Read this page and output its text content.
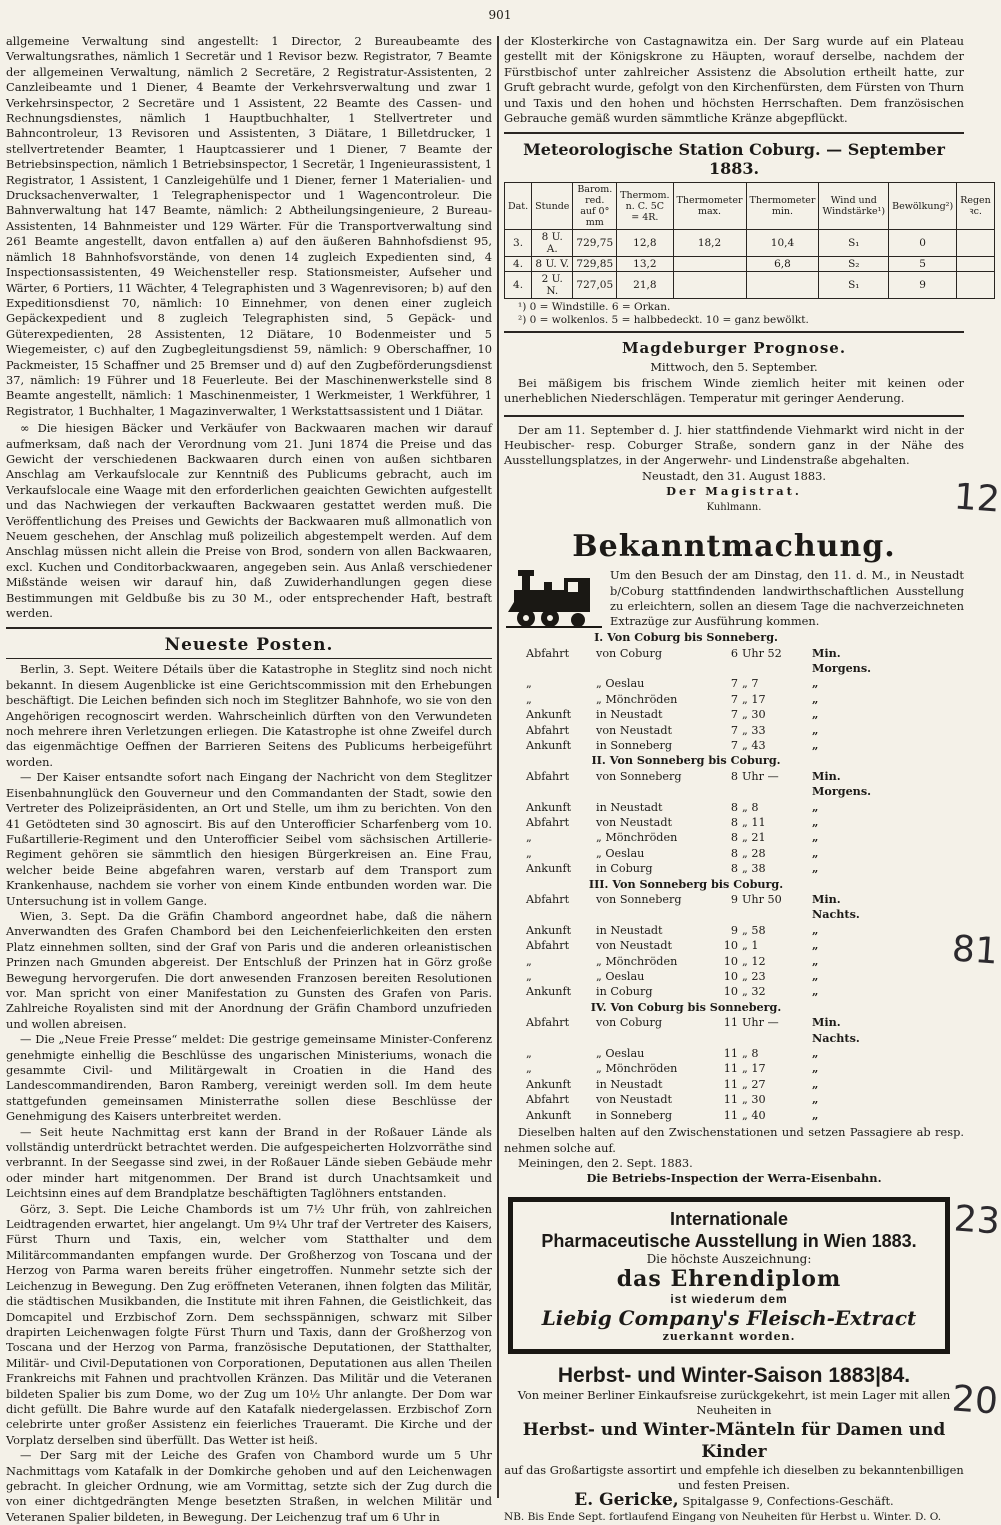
901

allgemeine Verwaltung sind angestellt: 1 Director, 2 Bureaubeamte des Verwaltungsrathes, nämlich 1 Secretär und 1 Revisor bezw. Registrator, 7 Beamte der allgemeinen Verwaltung, nämlich 2 Secretäre, 2 Registratur-Assistenten, 2 Canzleibeamte und 1 Diener, 4 Beamte der Verkehrsverwaltung und zwar 1 Verkehrsinspector, 2 Secretäre und 1 Assistent, 22 Beamte des Cassen- und Rechnungsdienstes, nämlich 1 Hauptbuchhalter, 1 Stellvertreter und Bahncontroleur, 13 Revisoren und Assistenten, 3 Diätare, 1 Billetdrucker, 1 stellvertretender Beamter, 1 Hauptcassierer und 1 Diener, 7 Beamte der Betriebsinspection, nämlich 1 Betriebsinspector, 1 Secretär, 1 Ingenieurassistent, 1 Registrator, 1 Assistent, 1 Canzleigehülfe und 1 Diener, ferner 1 Materialien- und Drucksachenverwalter, 1 Telegraphenispector und 1 Wagencontroleur. Die Bahnverwaltung hat 147 Beamte, nämlich: 2 Abtheilungsingenieure, 2 Bureau-Assistenten, 14 Bahnmeister und 129 Wärter. Für die Transportverwaltung sind 261 Beamte angestellt, davon entfallen a) auf den äußeren Bahnhofsdienst 95, nämlich 18 Bahnhofsvorstände, von denen 14 zugleich Expedienten sind, 4 Inspectionsassistenten, 49 Weichensteller resp. Stationsmeister, Aufseher und Wärter, 6 Portiers, 11 Wächter, 4 Telegraphisten und 3 Wagenrevisoren; b) auf den Expeditionsdienst 70, nämlich: 10 Einnehmer, von denen einer zugleich Gepäckexpedient und 8 zugleich Telegraphisten sind, 5 Gepäck- und Güterexpedienten, 28 Assistenten, 12 Diätare, 10 Bodenmeister und 5 Wiegemeister, c) auf den Zugbegleitungsdienst 59, nämlich: 9 Oberschaffner, 10 Packmeister, 15 Schaffner und 25 Bremser und d) auf den Zugbeförderungsdienst 37, nämlich: 19 Führer und 18 Feuerleute. Bei der Maschinenwerkstelle sind 8 Beamte angestellt, nämlich: 1 Maschinenmeister, 1 Werkmeister, 1 Werkführer, 1 Registrator, 1 Buchhalter, 1 Magazinverwalter, 1 Werkstattsassistent und 1 Diätar.

∞ Die hiesigen Bäcker und Verkäufer von Backwaaren machen wir darauf aufmerksam, daß nach der Verordnung vom 21. Juni 1874 die Preise und das Gewicht der verschiedenen Backwaaren durch einen von außen sichtbaren Anschlag am Verkaufslocale zur Kenntniß des Publicums gebracht, auch im Verkaufslocale eine Waage mit den erforderlichen geaichten Gewichten aufgestellt und das Nachwiegen der verkauften Backwaaren gestattet werden muß. Die Veröffentlichung des Preises und Gewichts der Backwaaren muß allmonatlich von Neuem geschehen, der Anschlag muß polizeilich abgestempelt werden. Auf dem Anschlag müssen nicht allein die Preise von Brod, sondern von allen Backwaaren, excl. Kuchen und Conditorbackwaaren, angegeben sein. Aus Anlaß verschiedener Mißstände weisen wir darauf hin, daß Zuwiderhandlungen gegen diese Bestimmungen mit Geldbuße bis zu 30 M., oder entsprechender Haft, bestraft werden.

Neueste Posten.

Berlin, 3. Sept. Weitere Détails über die Katastrophe in Steglitz sind noch nicht bekannt. In diesem Augenblicke ist eine Gerichtscommission mit den Erhebungen beschäftigt. Die Leichen befinden sich noch im Steglitzer Bahnhofe, wo sie von den Angehörigen recognoscirt werden. Wahrscheinlich dürften von den Verwundeten noch mehrere ihren Verletzungen erliegen. Die Katastrophe ist ohne Zweifel durch das eigenmächtige Oeffnen der Barrieren Seitens des Publicums herbeigeführt worden.

— Der Kaiser entsandte sofort nach Eingang der Nachricht von dem Steglitzer Eisenbahnunglück den Gouverneur und den Commandanten der Stadt, sowie den Vertreter des Polizeipräsidenten, an Ort und Stelle, um ihm zu berichten. Von den 41 Getödteten sind 30 agnoscirt. Bis auf den Unterofficier Scharfenberg vom 10. Fußartillerie-Regiment und den Unterofficier Seibel vom sächsischen Artillerie-Regiment gehören sie sämmtlich den hiesigen Bürgerkreisen an. Eine Frau, welcher beide Beine abgefahren waren, verstarb auf dem Transport zum Krankenhause, nachdem sie vorher von einem Kinde entbunden worden war. Die Untersuchung ist in vollem Gange.

Wien, 3. Sept. Da die Gräfin Chambord angeordnet habe, daß die nähern Anverwandten des Grafen Chambord bei den Leichenfeierlichkeiten den ersten Platz einnehmen sollten, sind der Graf von Paris und die anderen orleanistischen Prinzen nach Gmunden abgereist. Der Entschluß der Prinzen hat in Görz große Bewegung hervorgerufen. Die dort anwesenden Franzosen bereiten Resolutionen vor. Man spricht von einer Manifestation zu Gunsten des Grafen von Paris. Zahlreiche Royalisten sind mit der Anordnung der Gräfin Chambord unzufrieden und wollen abreisen.

— Die „Neue Freie Presse“ meldet: Die gestrige gemeinsame Minister-Conferenz genehmigte einhellig die Beschlüsse des ungarischen Ministeriums, wonach die gesammte Civil- und Militärgewalt in Croatien in die Hand des Landescommandirenden, Baron Ramberg, vereinigt werden soll. Im dem heute stattgefunden gemeinsamen Ministerrathe sollen diese Beschlüsse der Genehmigung des Kaisers unterbreitet werden.

— Seit heute Nachmittag erst kann der Brand in der Roßauer Lände als vollständig unterdrückt betrachtet werden. Die aufgespeicherten Holzvorräthe sind verbrannt. In der Seegasse sind zwei, in der Roßauer Lände sieben Gebäude mehr oder minder hart mitgenommen. Der Brand ist durch Unachtsamkeit und Leichtsinn eines auf dem Brandplatze beschäftigten Taglöhners entstanden.

Görz, 3. Sept. Die Leiche Chambords ist um 7½ Uhr früh, von zahlreichen Leidtragenden erwartet, hier angelangt. Um 9¼ Uhr traf der Vertreter des Kaisers, Fürst Thurn und Taxis, ein, welcher vom Statthalter und dem Militärcommandanten empfangen wurde. Der Großherzog von Toscana und der Herzog von Parma waren bereits früher eingetroffen. Nunmehr setzte sich der Leichenzug in Bewegung. Den Zug eröffneten Veteranen, ihnen folgten das Militär, die städtischen Musikbanden, die Institute mit ihren Fahnen, die Geistlichkeit, das Domcapitel und Erzbischof Zorn. Dem sechsspännigen, schwarz mit Silber drapirten Leichenwagen folgte Fürst Thurn und Taxis, dann der Großherzog von Toscana und der Herzog von Parma, französische Deputationen, der Statthalter, Militär- und Civil-Deputationen von Corporationen, Deputationen aus allen Theilen Frankreichs mit Fahnen und prachtvollen Kränzen. Das Militär und die Veteranen bildeten Spalier bis zum Dome, wo der Zug um 10½ Uhr anlangte. Der Dom war dicht gefüllt. Die Bahre wurde auf den Katafalk niedergelassen. Erzbischof Zorn celebrirte unter großer Assistenz ein feierliches Traueramt. Die Kirche und der Vorplatz derselben sind überfüllt. Das Wetter ist heiß.

— Der Sarg mit der Leiche des Grafen von Chambord wurde um 5 Uhr Nachmittags vom Katafalk in der Domkirche gehoben und auf den Leichenwagen gebracht. In gleicher Ordnung, wie am Vormittag, setzte sich der Zug durch die von einer dichtgedrängten Menge besetzten Straßen, in welchen Militär und Veteranen Spalier bildeten, in Bewegung. Der Leichenzug traf um 6 Uhr in

der Klosterkirche von Castagnawitza ein. Der Sarg wurde auf ein Plateau gestellt mit der Königskrone zu Häupten, worauf derselbe, nachdem der Fürstbischof unter zahlreicher Assistenz die Absolution ertheilt hatte, zur Gruft gebracht wurde, gefolgt von den Kirchenfürsten, dem Fürsten von Thurn und Taxis und den hohen und höchsten Herrschaften. Dem französischen Gebrauche gemäß wurden sämmtliche Kränze abgepflückt.

Meteorologische Station Coburg. — September 1883.
Dat.	Stunde	Barom. red. auf 0° mm	Thermom. n. C. 5C = 4R.	Thermometer max.	Thermometer min.	Wind und Windstärke¹)	Bewölkung²)	Regen ꝛc.
3.	8 U. A.	729,75	12,8	18,2	10,4	S₁	0	
4.	8 U. V.	729,85	13,2		6,8	S₂	5	
4.	2 U. N.	727,05	21,8			S₁	9	
¹) 0 = Windstille. 6 = Orkan.
²) 0 = wolkenlos. 5 = halbbedeckt. 10 = ganz bewölkt.
Magdeburger Prognose.
Mittwoch, den 5. September.

Bei mäßigem bis frischem Winde ziemlich heiter mit keinen oder unerheblichen Niederschlägen. Temperatur mit geringer Aenderung.

Der am 11. September d. J. hier stattfindende Viehmarkt wird nicht in der Heubischer- resp. Coburger Straße, sondern ganz in der Nähe des Ausstellungsplatzes, in der Angerwehr- und Lindenstraße abgehalten.

Neustadt, den 31. August 1883.
Der Magistrat.
Kuhlmann.
Bekanntmachung.

Um den Besuch der am Dinstag, den 11. d. M., in Neustadt b/Coburg stattfindenden landwirthschaftlichen Ausstellung zu erleichtern, sollen an diesem Tage die nachverzeichneten Extrazüge zur Ausführung kommen.

I. Von Coburg bis Sonneberg.
Abfahrt	von Coburg	6 Uhr 52	Min. Morgens.
„	„ Oeslau	7 „ 7	„
„	„ Mönchröden	7 „ 17	„
Ankunft	in Neustadt	7 „ 30	„
Abfahrt	von Neustadt	7 „ 33	„
Ankunft	in Sonneberg	7 „ 43	„
II. Von Sonneberg bis Coburg.
Abfahrt	von Sonneberg	8 Uhr —	Min. Morgens.
Ankunft	in Neustadt	8 „ 8	„
Abfahrt	von Neustadt	8 „ 11	„
„	„ Mönchröden	8 „ 21	„
„	„ Oeslau	8 „ 28	„
Ankunft	in Coburg	8 „ 38	„
III. Von Sonneberg bis Coburg.
Abfahrt	von Sonneberg	9 Uhr 50	Min. Nachts.
Ankunft	in Neustadt	9 „ 58	„
Abfahrt	von Neustadt	10 „ 1	„
„	„ Mönchröden	10 „ 12	„
„	„ Oeslau	10 „ 23	„
Ankunft	in Coburg	10 „ 32	„
IV. Von Coburg bis Sonneberg.
Abfahrt	von Coburg	11 Uhr —	Min. Nachts.
„	„ Oeslau	11 „ 8	„
„	„ Mönchröden	11 „ 17	„
Ankunft	in Neustadt	11 „ 27	„
Abfahrt	von Neustadt	11 „ 30	„
Ankunft	in Sonneberg	11 „ 40	„

Dieselben halten auf den Zwischenstationen und setzen Passagiere ab resp. nehmen solche auf.

Meiningen, den 2. Sept. 1883.
Die Betriebs-Inspection der Werra-Eisenbahn.
Internationale
Pharmaceutische Ausstellung in Wien 1883.
Die höchste Auszeichnung:
das Ehrendiplom
ist wiederum dem
Liebig Company's Fleisch-Extract
zuerkannt worden.
Herbst- und Winter-Saison 1883|84.

Von meiner Berliner Einkaufsreise zurückgekehrt, ist mein Lager mit allen Neuheiten in

Herbst- und Winter-Mänteln für Damen und Kinder

auf das Großartigste assortirt und empfehle ich dieselben zu bekanntenbilligen und festen Preisen.

E. Gericke, Spitalgasse 9, Confections-Geschäft.
NB. Bis Ende Sept. fortlaufend Eingang von Neuheiten für Herbst u. Winter. D. O.
12
81
23
20
